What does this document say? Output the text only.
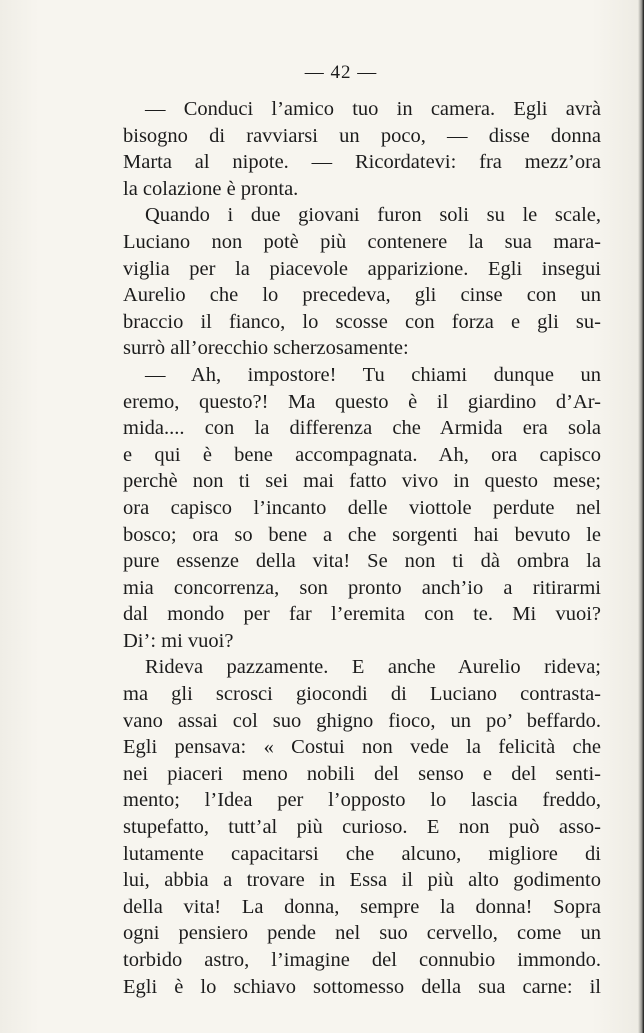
— 42 —
— Conduci l’amico tuo in camera. Egli avrà
bisogno di ravviarsi un poco, — disse donna
Marta al nipote. — Ricordatevi: fra mezz’ora
la colazione è pronta.
Quando i due giovani furon soli su le scale,
Luciano non potè più contenere la sua mara-
viglia per la piacevole apparizione. Egli insegui
Aurelio che lo precedeva, gli cinse con un
braccio il fianco, lo scosse con forza e gli su-
surrò all’orecchio scherzosamente:
— Ah, impostore! Tu chiami dunque un
eremo, questo?! Ma questo è il giardino d’Ar-
mida.... con la differenza che Armida era sola
e qui è bene accompagnata. Ah, ora capisco
perchè non ti sei mai fatto vivo in questo mese;
ora capisco l’incanto delle viottole perdute nel
bosco; ora so bene a che sorgenti hai bevuto le
pure essenze della vita! Se non ti dà ombra la
mia concorrenza, son pronto anch’io a ritirarmi
dal mondo per far l’eremita con te. Mi vuoi?
Di’: mi vuoi?
Rideva pazzamente. E anche Aurelio rideva;
ma gli scrosci giocondi di Luciano contrasta-
vano assai col suo ghigno fioco, un po’ beffardo.
Egli pensava: « Costui non vede la felicità che
nei piaceri meno nobili del senso e del senti-
mento; l’Idea per l’opposto lo lascia freddo,
stupefatto, tutt’al più curioso. E non può asso-
lutamente capacitarsi che alcuno, migliore di
lui, abbia a trovare in Essa il più alto godimento
della vita! La donna, sempre la donna! Sopra
ogni pensiero pende nel suo cervello, come un
torbido astro, l’imagine del connubio immondo.
Egli è lo schiavo sottomesso della sua carne: il
